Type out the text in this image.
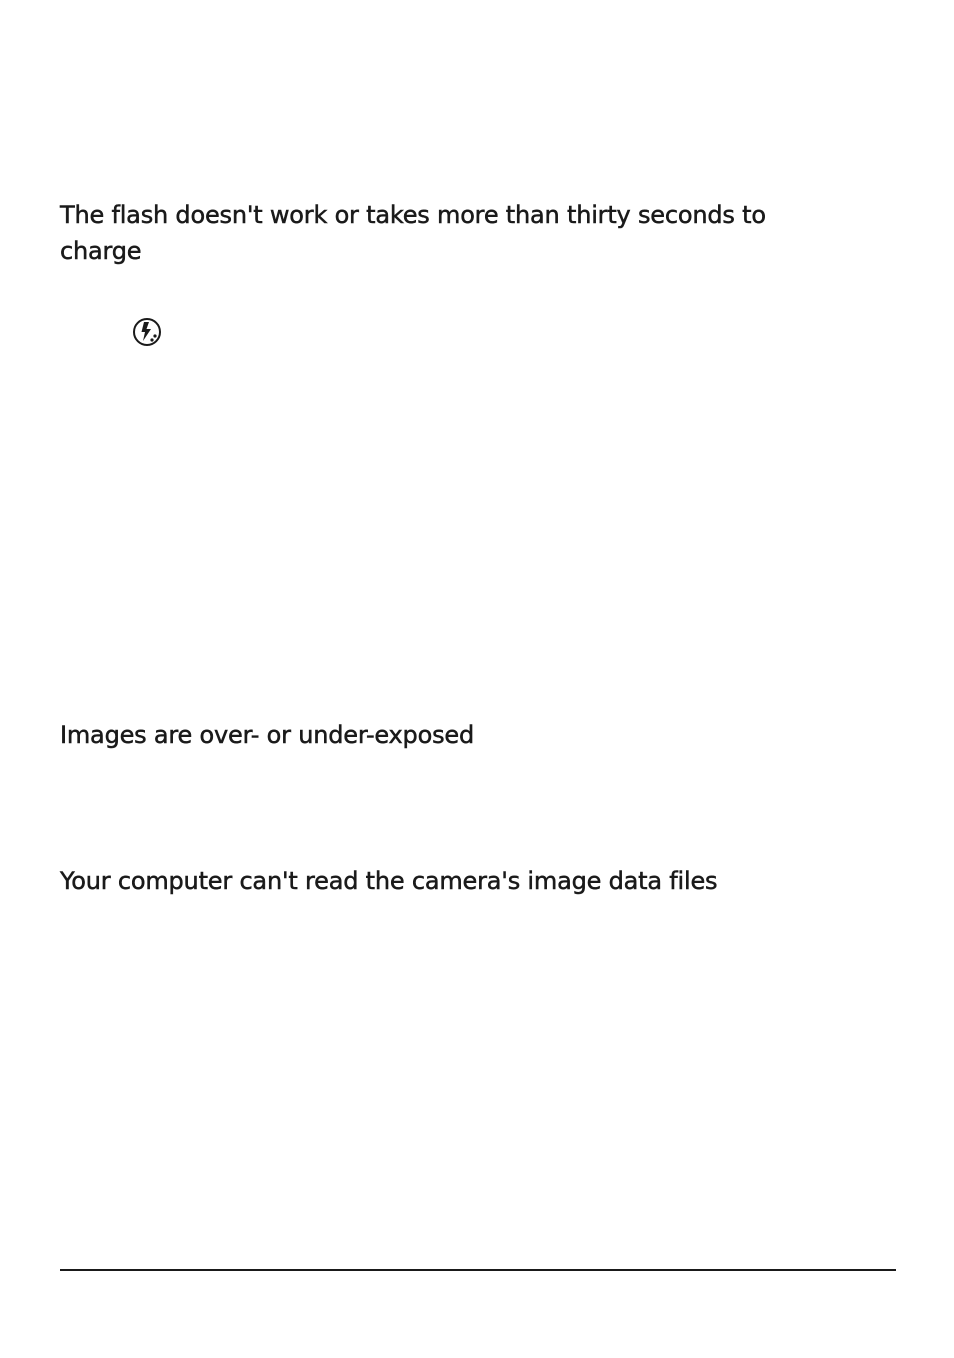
The flash doesn't work or takes more than thirty seconds to charge
Images are over- or under-exposed
Your computer can't read the camera's image data files
